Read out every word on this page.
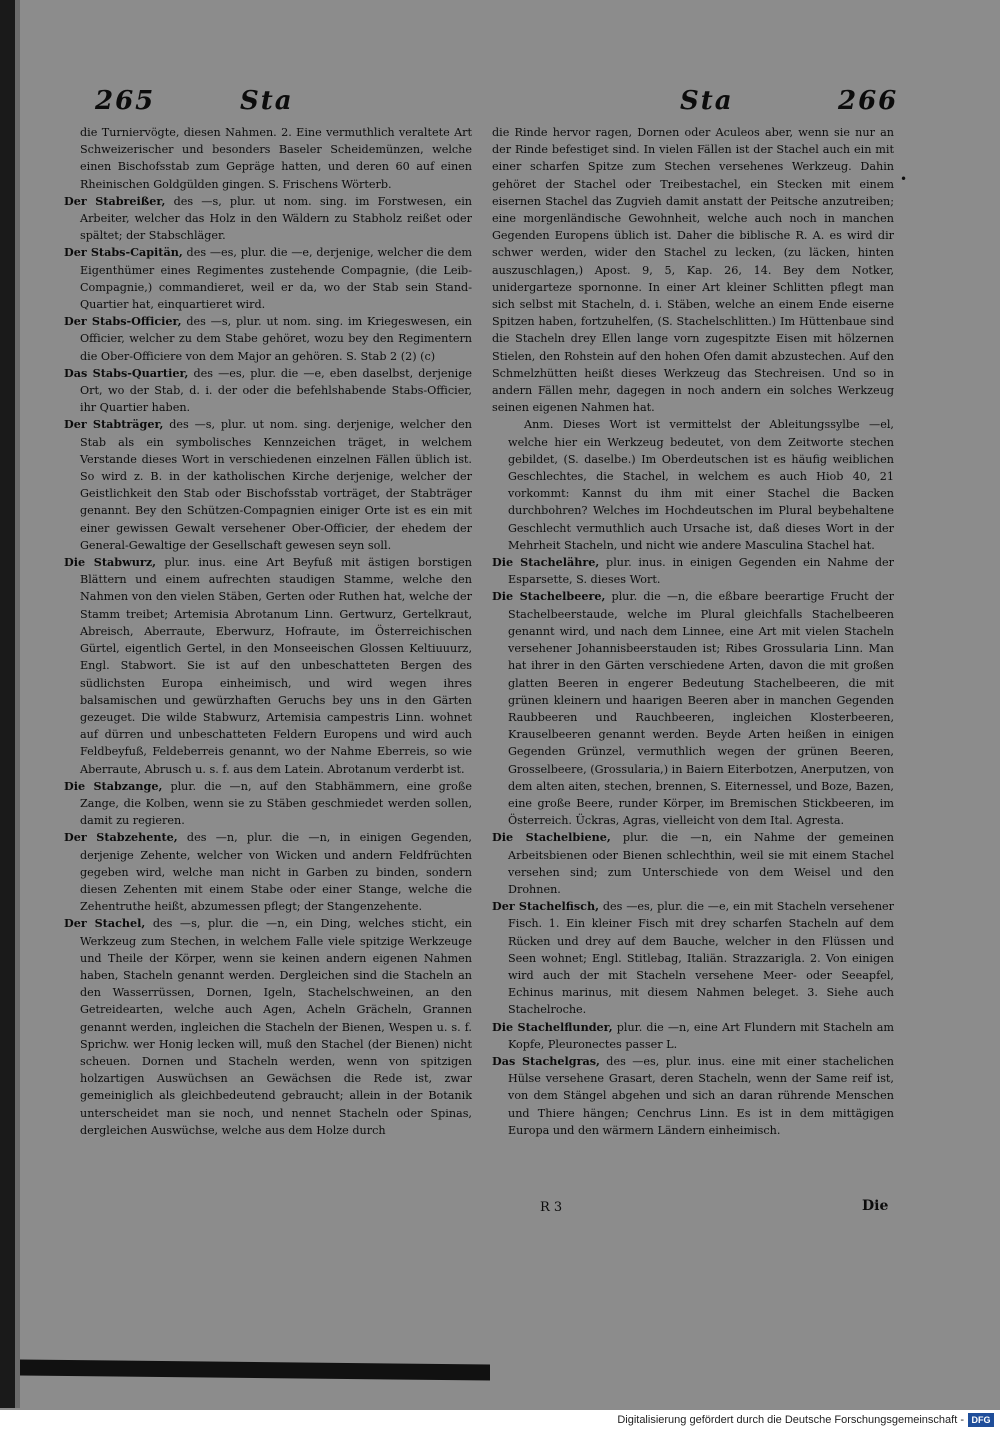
265	Sta	Sta	266

die Turniervögte, diesen Nahmen. 2. Eine vermuthlich veraltete Art Schweizerischer und besonders Baseler Scheidemünzen, welche einen Bischofsstab zum Gepräge hatten, und deren 60 auf einen Rheinischen Goldgülden gingen. S. Frischens Wörterb.

Der Stabreißer, des —s, plur. ut nom. sing. im Forstwesen, ein Arbeiter, welcher das Holz in den Wäldern zu Stabholz reißet oder spältet; der Stabschläger.

Der Stabs-Capitän, des —es, plur. die —e, derjenige, welcher die dem Eigenthümer eines Regimentes zustehende Compagnie, (die Leib-Compagnie,) commandieret, weil er da, wo der Stab sein Stand-Quartier hat, einquartieret wird.

Der Stabs-Officier, des —s, plur. ut nom. sing. im Kriegeswesen, ein Officier, welcher zu dem Stabe gehöret, wozu bey den Regimentern die Ober-Officiere von dem Major an gehören. S. Stab 2 (2) (c)

Das Stabs-Quartier, des —es, plur. die —e, eben daselbst, derjenige Ort, wo der Stab, d. i. der oder die befehlshabende Stabs-Officier, ihr Quartier haben.

Der Stabträger, des —s, plur. ut nom. sing. derjenige, welcher den Stab als ein symbolisches Kennzeichen träget, in welchem Verstande dieses Wort in verschiedenen einzelnen Fällen üblich ist. So wird z. B. in der katholischen Kirche derjenige, welcher der Geistlichkeit den Stab oder Bischofsstab vorträget, der Stabträger genannt. Bey den Schützen-Compagnien einiger Orte ist es ein mit einer gewissen Gewalt versehener Ober-Officier, der ehedem der General-Gewaltige der Gesellschaft gewesen seyn soll.

Die Stabwurz, plur. inus. eine Art Beyfuß mit ästigen borstigen Blättern und einem aufrechten staudigen Stamme, welche den Nahmen von den vielen Stäben, Gerten oder Ruthen hat, welche der Stamm treibet; Artemisia Abrotanum Linn. Gertwurz, Gertelkraut, Abreisch, Aberraute, Eberwurz, Hofraute, im Österreichischen Gürtel, eigentlich Gertel, in den Monseeischen Glossen Keltiuuurz, Engl. Stabwort. Sie ist auf den unbeschatteten Bergen des südlichsten Europa einheimisch, und wird wegen ihres balsamischen und gewürzhaften Geruchs bey uns in den Gärten gezeuget. Die wilde Stabwurz, Artemisia campestris Linn. wohnet auf dürren und unbeschatteten Feldern Europens und wird auch Feldbeyfuß, Feldeberreis genannt, wo der Nahme Eberreis, so wie Aberraute, Abrusch u. s. f. aus dem Latein. Abrotanum verderbt ist.

Die Stabzange, plur. die —n, auf den Stabhämmern, eine große Zange, die Kolben, wenn sie zu Stäben geschmiedet werden sollen, damit zu regieren.

Der Stabzehente, des —n, plur. die —n, in einigen Gegenden, derjenige Zehente, welcher von Wicken und andern Feldfrüchten gegeben wird, welche man nicht in Garben zu binden, sondern diesen Zehenten mit einem Stabe oder einer Stange, welche die Zehentruthe heißt, abzumessen pflegt; der Stangenzehente.

Der Stachel, des —s, plur. die —n, ein Ding, welches sticht, ein Werkzeug zum Stechen, in welchem Falle viele spitzige Werkzeuge und Theile der Körper, wenn sie keinen andern eigenen Nahmen haben, Stacheln genannt werden. Dergleichen sind die Stacheln an den Wasserrüssen, Dornen, Igeln, Stachelschweinen, an den Getreidearten, welche auch Agen, Acheln Grächeln, Grannen genannt werden, ingleichen die Stacheln der Bienen, Wespen u. s. f. Sprichw. wer Honig lecken will, muß den Stachel (der Bienen) nicht scheuen. Dornen und Stacheln werden, wenn von spitzigen holzartigen Auswüchsen an Gewächsen die Rede ist, zwar gemeiniglich als gleichbedeutend gebraucht; allein in der Botanik unterscheidet man sie noch, und nennet Stacheln oder Spinas, dergleichen Auswüchse, welche aus dem Holze durch

die Rinde hervor ragen, Dornen oder Aculeos aber, wenn sie nur an der Rinde befestiget sind. In vielen Fällen ist der Stachel auch ein mit einer scharfen Spitze zum Stechen versehenes Werkzeug. Dahin gehöret der Stachel oder Treibestachel, ein Stecken mit einem eisernen Stachel das Zugvieh damit anstatt der Peitsche anzutreiben; eine morgenländische Gewohnheit, welche auch noch in manchen Gegenden Europens üblich ist. Daher die biblische R. A. es wird dir schwer werden, wider den Stachel zu lecken, (zu läcken, hinten auszuschlagen,) Apost. 9, 5, Kap. 26, 14. Bey dem Notker, unidergarteze spornonne. In einer Art kleiner Schlitten pflegt man sich selbst mit Stacheln, d. i. Stäben, welche an einem Ende eiserne Spitzen haben, fortzuhelfen, (S. Stachelschlitten.) Im Hüttenbaue sind die Stacheln drey Ellen lange vorn zugespitzte Eisen mit hölzernen Stielen, den Rohstein auf den hohen Ofen damit abzustechen. Auf den Schmelzhütten heißt dieses Werkzeug das Stechreisen. Und so in andern Fällen mehr, dagegen in noch andern ein solches Werkzeug seinen eigenen Nahmen hat.

Anm. Dieses Wort ist vermittelst der Ableitungssylbe —el, welche hier ein Werkzeug bedeutet, von dem Zeitworte stechen gebildet, (S. daselbe.) Im Oberdeutschen ist es häufig weiblichen Geschlechtes, die Stachel, in welchem es auch Hiob 40, 21 vorkommt: Kannst du ihm mit einer Stachel die Backen durchbohren? Welches im Hochdeutschen im Plural beybehaltene Geschlecht vermuthlich auch Ursache ist, daß dieses Wort in der Mehrheit Stacheln, und nicht wie andere Masculina Stachel hat.

Die Stachelähre, plur. inus. in einigen Gegenden ein Nahme der Esparsette, S. dieses Wort.

Die Stachelbeere, plur. die —n, die eßbare beerartige Frucht der Stachelbeerstaude, welche im Plural gleichfalls Stachelbeeren genannt wird, und nach dem Linnee, eine Art mit vielen Stacheln versehener Johannisbeerstauden ist; Ribes Grossularia Linn. Man hat ihrer in den Gärten verschiedene Arten, davon die mit großen glatten Beeren in engerer Bedeutung Stachelbeeren, die mit grünen kleinern und haarigen Beeren aber in manchen Gegenden Raubbeeren und Rauchbeeren, ingleichen Klosterbeeren, Krauselbeeren genannt werden. Beyde Arten heißen in einigen Gegenden Grünzel, vermuthlich wegen der grünen Beeren, Grosselbeere, (Grossularia,) in Baiern Eiterbotzen, Anerputzen, von dem alten aiten, stechen, brennen, S. Eiternessel, und Boze, Bazen, eine große Beere, runder Körper, im Bremischen Stickbeeren, im Österreich. Ückras, Agras, vielleicht von dem Ital. Agresta.

Die Stachelbiene, plur. die —n, ein Nahme der gemeinen Arbeitsbienen oder Bienen schlechthin, weil sie mit einem Stachel versehen sind; zum Unterschiede von dem Weisel und den Drohnen.

Der Stachelfisch, des —es, plur. die —e, ein mit Stacheln versehener Fisch. 1. Ein kleiner Fisch mit drey scharfen Stacheln auf dem Rücken und drey auf dem Bauche, welcher in den Flüssen und Seen wohnet; Engl. Stitlebag, Italiän. Strazzarigla. 2. Von einigen wird auch der mit Stacheln versehene Meer- oder Seeapfel, Echinus marinus, mit diesem Nahmen beleget. 3. Siehe auch Stachelroche.

Die Stachelflunder, plur. die —n, eine Art Flundern mit Stacheln am Kopfe, Pleuronectes passer L.

Das Stachelgras, des —es, plur. inus. eine mit einer stachelichen Hülse versehene Grasart, deren Stacheln, wenn der Same reif ist, von dem Stängel abgehen und sich an daran rührende Menschen und Thiere hängen; Cenchrus Linn. Es ist in dem mittägigen Europa und den wärmern Ländern einheimisch.

•
R 3	Die
Digitalisierung gefördert durch die Deutsche Forschungsgemeinschaft - DFG
